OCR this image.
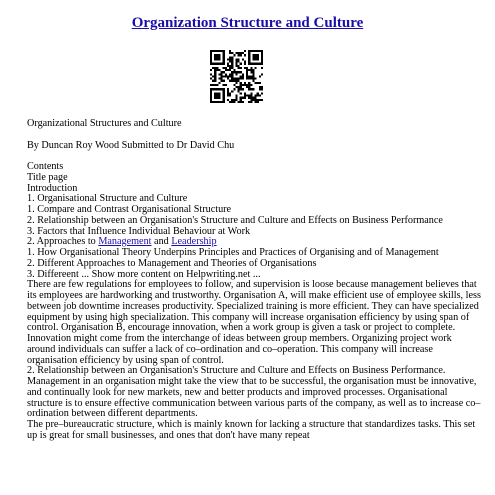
Organization Structure and Culture

Organizational Structures and Culture

By Duncan Roy Wood Submitted to Dr David Chu

Contents

Title page

Introduction

1. Organisational Structure and Culture

1. Compare and Contrast Organisational Structure

2. Relationship between an Organisation's Structure and Culture and Effects on Business Performance

3. Factors that Influence Individual Behaviour at Work

2. Approaches to Management and Leadership

1. How Organisational Theory Underpins Principles and Practices of Organising and of Management

2. Different Approaches to Management and Theories of Organisations

3. Differeent ... Show more content on Helpwriting.net ...

There are few regulations for employees to follow, and supervision is loose because management believes that its employees are hardworking and trustworthy. Organisation A, will make efficient use of employee skills, less between job downtime increases productivity. Specialized training is more efficient. They can have specialized equipment by using high specialization. This company will increase organisation efficiency by using span of control. Organisation B, encourage innovation, when a work group is given a task or project to complete. Innovation might come from the interchange of ideas between group members. Organizing project work around individuals can suffer a lack of co–ordination and co–operation. This company will increase organisation efficiency by using span of control.

2. Relationship between an Organisation's Structure and Culture and Effects on Business Performance.

Management in an organisation might take the view that to be successful, the organisation must be innovative, and continually look for new markets, new and better products and improved processes. Organisational structure is to ensure effective communication between various parts of the company, as well as to increase co–ordination between different departments.

The pre–bureaucratic structure, which is mainly known for lacking a structure that standardizes tasks. This set up is great for small businesses, and ones that don't have many repeat
